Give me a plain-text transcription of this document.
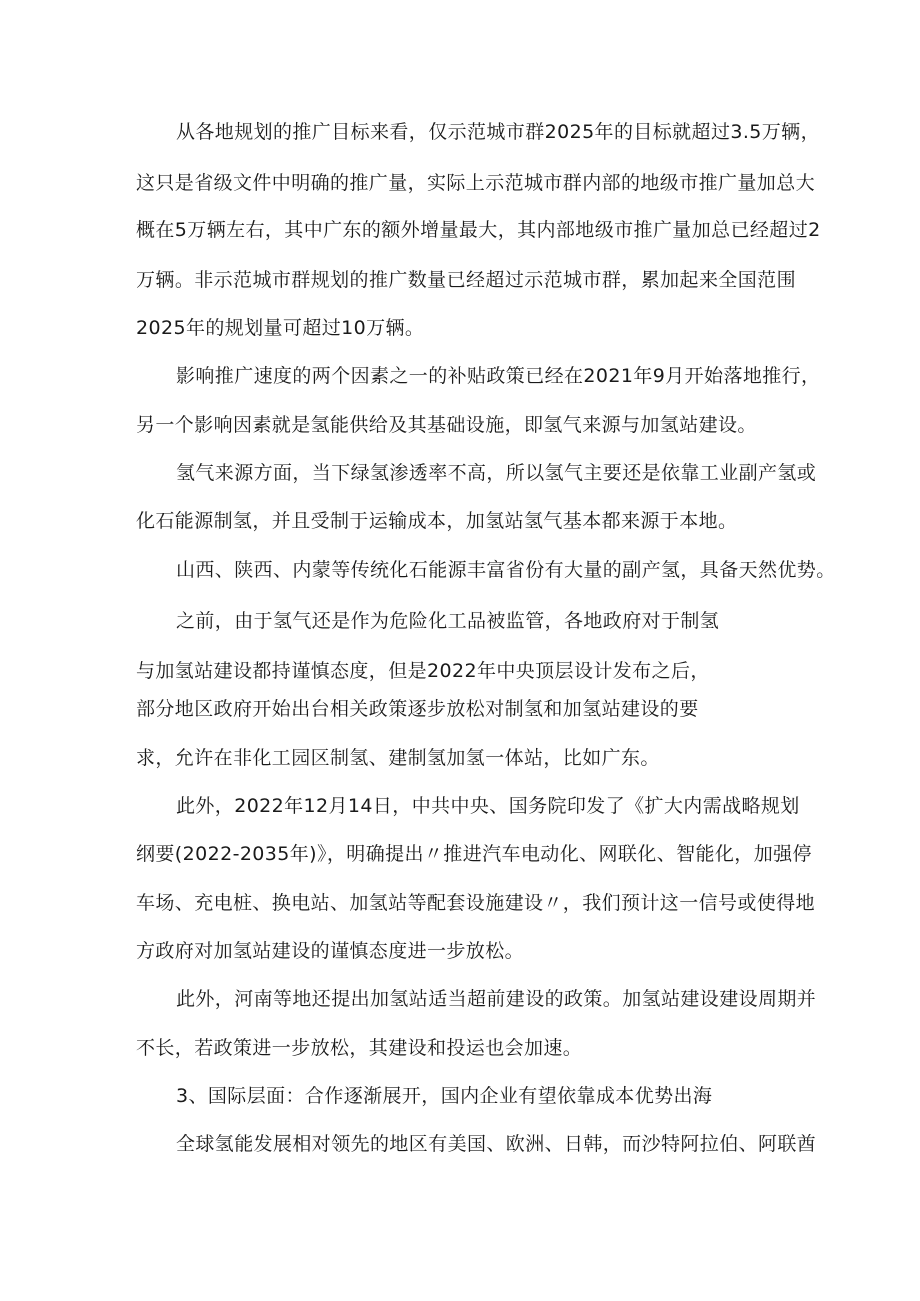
从各地规划的推广目标来看，仅示范城市群2025年的目标就超过3.5万辆，
这只是省级文件中明确的推广量，实际上示范城市群内部的地级市推广量加总大
概在5万辆左右，其中广东的额外增量最大，其内部地级市推广量加总已经超过2
万辆。非示范城市群规划的推广数量已经超过示范城市群，累加起来全国范围
2025年的规划量可超过10万辆。
影响推广速度的两个因素之一的补贴政策已经在2021年9月开始落地推行，
另一个影响因素就是氢能供给及其基础设施，即氢气来源与加氢站建设。
氢气来源方面，当下绿氢渗透率不高，所以氢气主要还是依靠工业副产氢或
化石能源制氢，并且受制于运输成本，加氢站氢气基本都来源于本地。
山西、陕西、内蒙等传统化石能源丰富省份有大量的副产氢，具备天然优势。
之前，由于氢气还是作为危险化工品被监管，各地政府对于制氢
与加氢站建设都持谨慎态度，但是2022年中央顶层设计发布之后，
部分地区政府开始出台相关政策逐步放松对制氢和加氢站建设的要
求，允许在非化工园区制氢、建制氢加氢一体站，比如广东。
此外，2022年12月14日，中共中央、国务院印发了《扩大内需战略规划
纲要(2022-2035年)》，明确提出〃推进汽车电动化、网联化、智能化，加强停
车场、充电桩、换电站、加氢站等配套设施建设〃，我们预计这一信号或使得地
方政府对加氢站建设的谨慎态度进一步放松。
此外，河南等地还提出加氢站适当超前建设的政策。加氢站建设建设周期并
不长，若政策进一步放松，其建设和投运也会加速。
3、国际层面：合作逐渐展开，国内企业有望依靠成本优势出海
全球氢能发展相对领先的地区有美国、欧洲、日韩，而沙特阿拉伯、阿联酋
